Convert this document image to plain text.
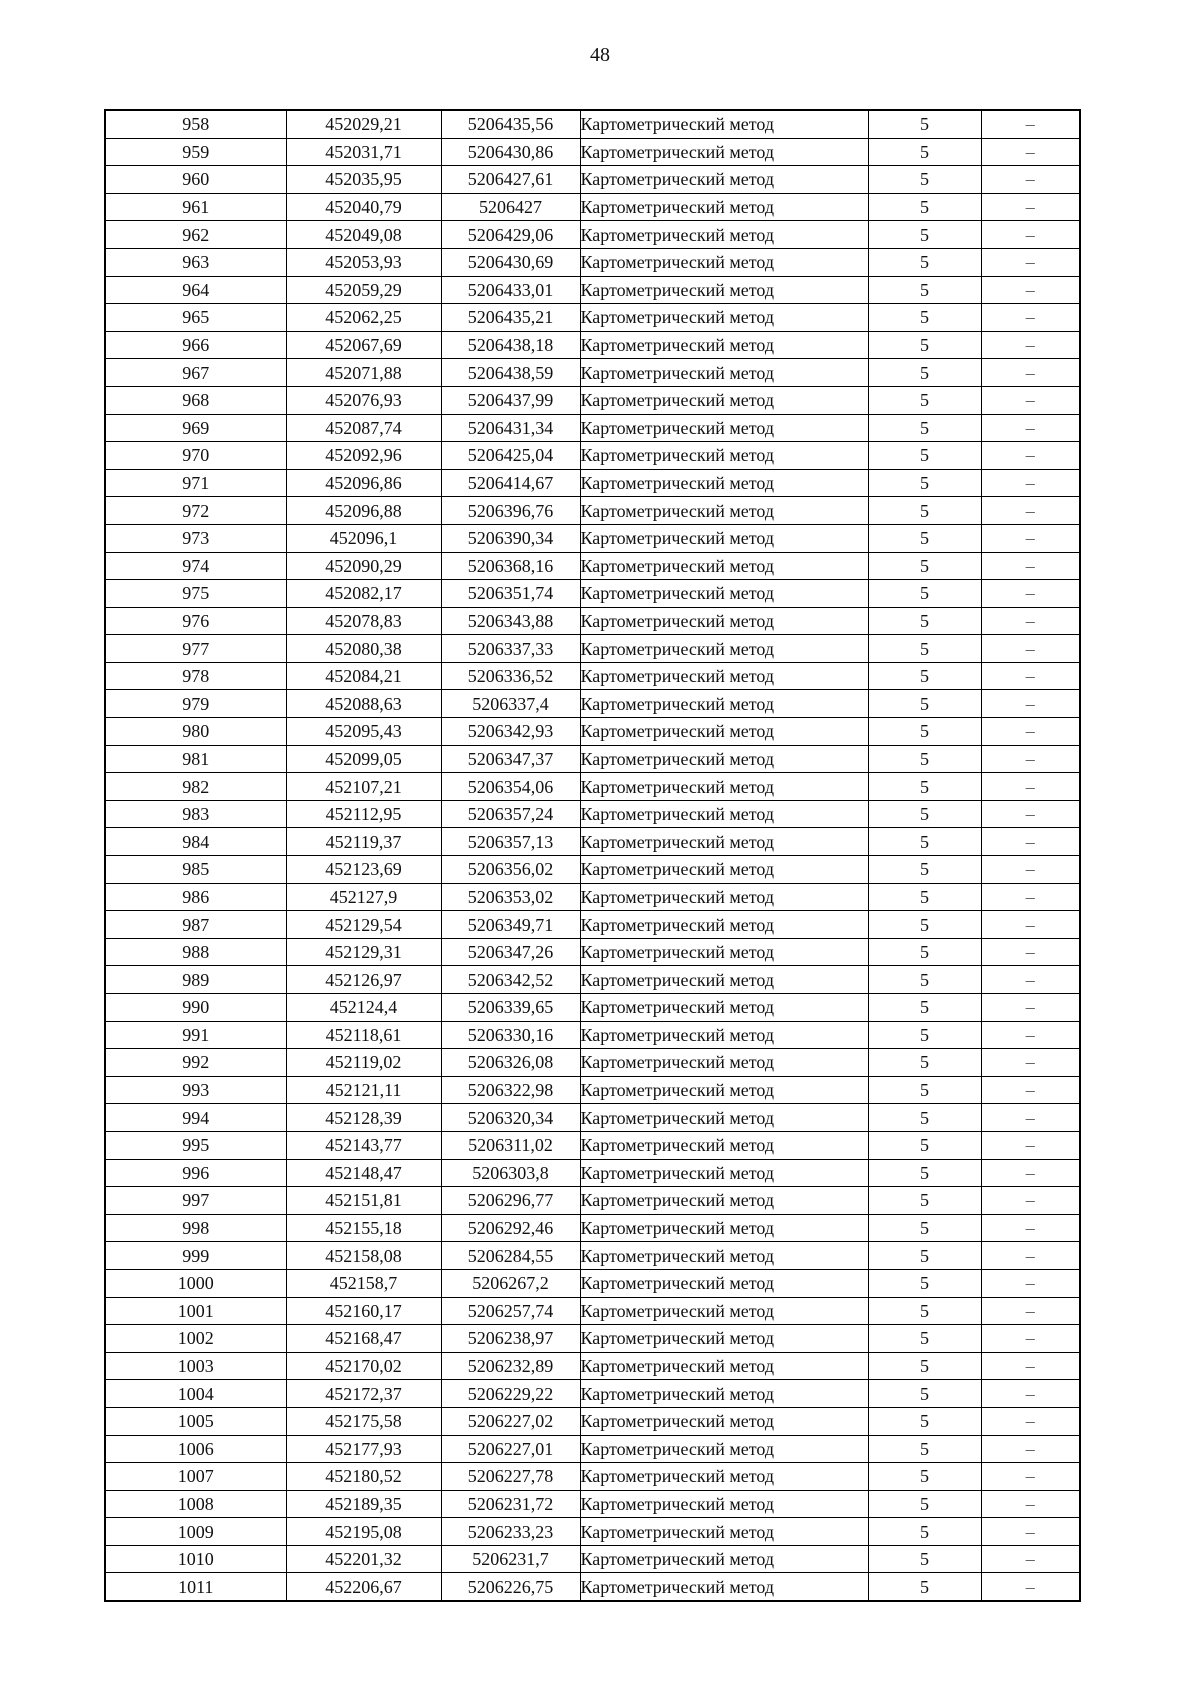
48
958	452029,21	5206435,56	Картометрический метод	5	–
959	452031,71	5206430,86	Картометрический метод	5	–
960	452035,95	5206427,61	Картометрический метод	5	–
961	452040,79	5206427	Картометрический метод	5	–
962	452049,08	5206429,06	Картометрический метод	5	–
963	452053,93	5206430,69	Картометрический метод	5	–
964	452059,29	5206433,01	Картометрический метод	5	–
965	452062,25	5206435,21	Картометрический метод	5	–
966	452067,69	5206438,18	Картометрический метод	5	–
967	452071,88	5206438,59	Картометрический метод	5	–
968	452076,93	5206437,99	Картометрический метод	5	–
969	452087,74	5206431,34	Картометрический метод	5	–
970	452092,96	5206425,04	Картометрический метод	5	–
971	452096,86	5206414,67	Картометрический метод	5	–
972	452096,88	5206396,76	Картометрический метод	5	–
973	452096,1	5206390,34	Картометрический метод	5	–
974	452090,29	5206368,16	Картометрический метод	5	–
975	452082,17	5206351,74	Картометрический метод	5	–
976	452078,83	5206343,88	Картометрический метод	5	–
977	452080,38	5206337,33	Картометрический метод	5	–
978	452084,21	5206336,52	Картометрический метод	5	–
979	452088,63	5206337,4	Картометрический метод	5	–
980	452095,43	5206342,93	Картометрический метод	5	–
981	452099,05	5206347,37	Картометрический метод	5	–
982	452107,21	5206354,06	Картометрический метод	5	–
983	452112,95	5206357,24	Картометрический метод	5	–
984	452119,37	5206357,13	Картометрический метод	5	–
985	452123,69	5206356,02	Картометрический метод	5	–
986	452127,9	5206353,02	Картометрический метод	5	–
987	452129,54	5206349,71	Картометрический метод	5	–
988	452129,31	5206347,26	Картометрический метод	5	–
989	452126,97	5206342,52	Картометрический метод	5	–
990	452124,4	5206339,65	Картометрический метод	5	–
991	452118,61	5206330,16	Картометрический метод	5	–
992	452119,02	5206326,08	Картометрический метод	5	–
993	452121,11	5206322,98	Картометрический метод	5	–
994	452128,39	5206320,34	Картометрический метод	5	–
995	452143,77	5206311,02	Картометрический метод	5	–
996	452148,47	5206303,8	Картометрический метод	5	–
997	452151,81	5206296,77	Картометрический метод	5	–
998	452155,18	5206292,46	Картометрический метод	5	–
999	452158,08	5206284,55	Картометрический метод	5	–
1000	452158,7	5206267,2	Картометрический метод	5	–
1001	452160,17	5206257,74	Картометрический метод	5	–
1002	452168,47	5206238,97	Картометрический метод	5	–
1003	452170,02	5206232,89	Картометрический метод	5	–
1004	452172,37	5206229,22	Картометрический метод	5	–
1005	452175,58	5206227,02	Картометрический метод	5	–
1006	452177,93	5206227,01	Картометрический метод	5	–
1007	452180,52	5206227,78	Картометрический метод	5	–
1008	452189,35	5206231,72	Картометрический метод	5	–
1009	452195,08	5206233,23	Картометрический метод	5	–
1010	452201,32	5206231,7	Картометрический метод	5	–
1011	452206,67	5206226,75	Картометрический метод	5	–
